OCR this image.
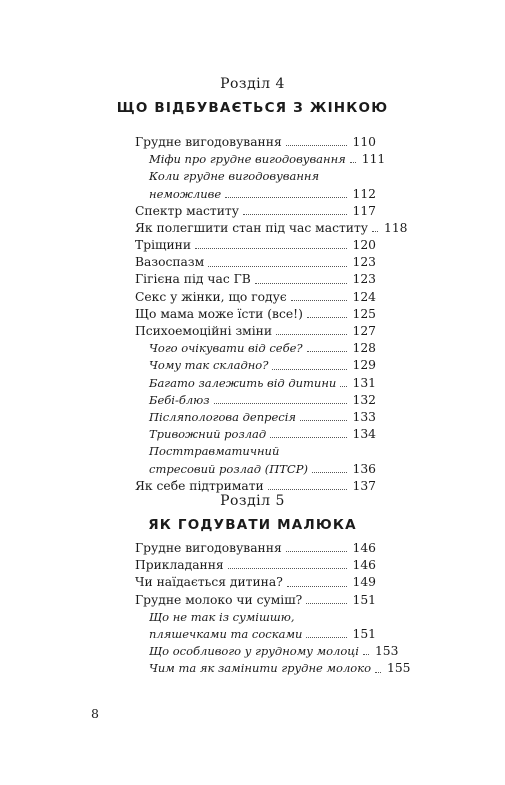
Розділ 4
ЩО ВІДБУВАЄТЬСЯ З ЖІНКОЮ
Грудне вигодовування	110
Міфи про грудне вигодовування 111
Коли грудне вигодовування
неможливе	112
Спектр маститу	117
Як полегшити стан під час маститу 118
Тріщини	120
Вазоспазм	123
Гігієна під час ГВ	123
Секс у жінки, що годує	124
Що мама може їсти (все!)	125
Психоемоційні зміни	127
Чого очікувати від себе?	128
Чому так складно?	129
Багато залежить від дитини 131
Бебі-блюз	132
Післяпологова депресія	133
Тривожний розлад	134
Посттравматичний
стресовий розлад (ПТСР)	136
Як себе підтримати	137
Розділ 5
ЯК ГОДУВАТИ МАЛЮКА
Грудне вигодовування	146
Прикладання	146
Чи наїдається дитина?	149
Грудне молоко чи суміш?	151
Що не так із сумішшю,
пляшечками та сосками	151
Що особливого у грудному молоці 153
Чим та як замінити грудне молоко 155
8
